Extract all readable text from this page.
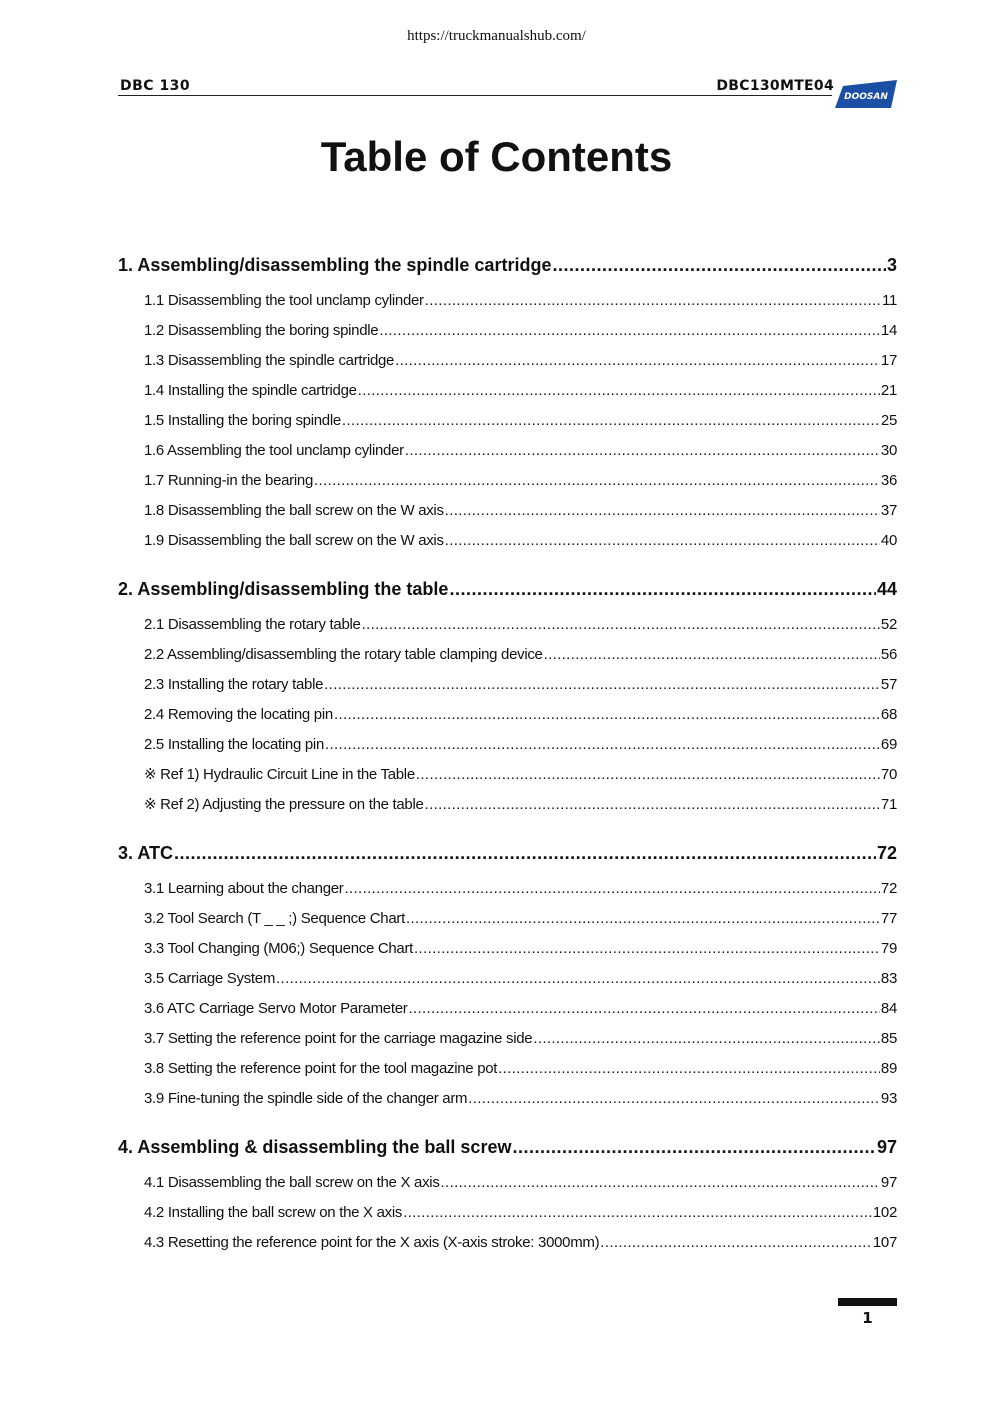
https://truckmanualshub.com/
DBC 130	DBC130MTE04
DOOSAN
Table of Contents
1. Assembling/disassembling the spindle cartridge .....	3
1.1 Disassembling the tool unclamp cylinder .....	11
1.2 Disassembling the boring spindle .....	14
1.3 Disassembling the spindle cartridge .....	17
1.4 Installing the spindle cartridge .....	21
1.5 Installing the boring spindle .....	25
1.6 Assembling the tool unclamp cylinder .....	30
1.7 Running-in the bearing .....	36
1.8 Disassembling the ball screw on the W axis .....	37
1.9 Disassembling the ball screw on the W axis .....	40
2. Assembling/disassembling the table .....	44
2.1 Disassembling the rotary table .....	52
2.2 Assembling/disassembling the rotary table clamping device .....	56
2.3 Installing the rotary table .....	57
2.4 Removing the locating pin .....	68
2.5 Installing the locating pin .....	69
※ Ref 1) Hydraulic Circuit Line in the Table .....	70
※ Ref 2) Adjusting the pressure on the table .....	71
3. ATC .....	72
3.1 Learning about the changer .....	72
3.2 Tool Search (T _ _ ;) Sequence Chart .....	77
3.3 Tool Changing (M06;) Sequence Chart .....	79
3.5 Carriage System .....	83
3.6 ATC Carriage Servo Motor Parameter .....	84
3.7 Setting the reference point for the carriage magazine side .....	85
3.8 Setting the reference point for the tool magazine pot .....	89
3.9 Fine-tuning the spindle side of the changer arm .....	93
4. Assembling & disassembling the ball screw .....	97
4.1 Disassembling the ball screw on the X axis .....	97
4.2 Installing the ball screw on the X axis .....	102
4.3 Resetting the reference point for the X axis (X-axis stroke: 3000mm) .....	107
1
